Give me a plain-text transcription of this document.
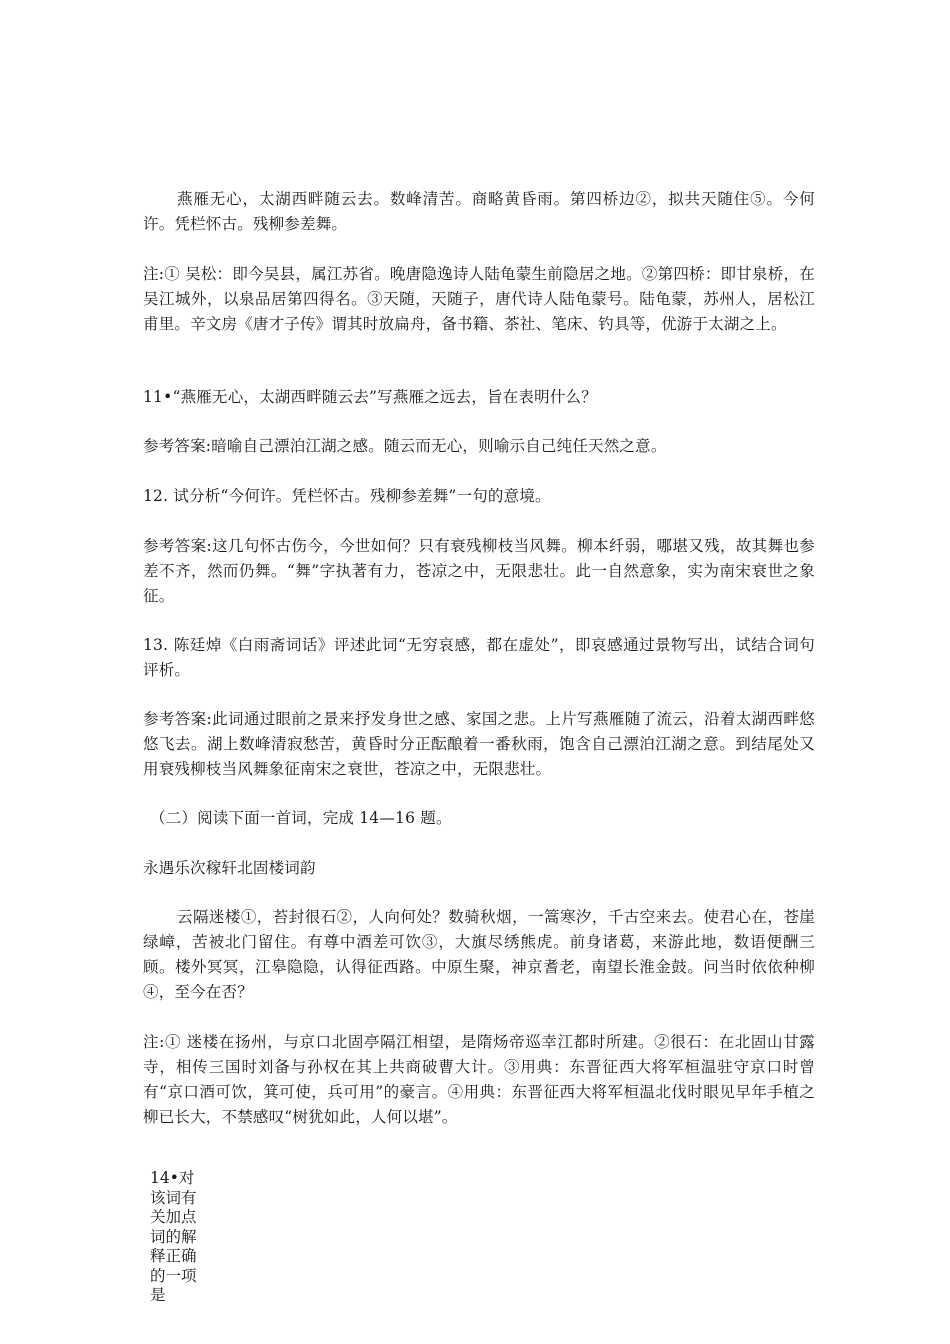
燕雁无心，太湖西畔随云去。数峰清苦。商略黄昏雨。第四桥边②，拟共天随住⑤。今何许。凭栏怀古。残柳参差舞。

注:① 吴松：即今吴县，属江苏省。晚唐隐逸诗人陆龟蒙生前隐居之地。②第四桥：即甘泉桥，在吴江城外，以泉品居第四得名。③天随，天随子，唐代诗人陆龟蒙号。陆龟蒙，苏州人，居松江甫里。辛文房《唐才子传》谓其时放扁舟，备书籍、茶社、笔床、钓具等，优游于太湖之上。

11•“燕雁无心，太湖西畔随云去”写燕雁之远去，旨在表明什么？

参考答案:暗喻自己漂泊江湖之感。随云而无心，则喻示自己纯任天然之意。

12. 试分析“今何许。凭栏怀古。残柳参差舞”一句的意境。

参考答案:这几句怀古伤今，今世如何？只有衰残柳枝当风舞。柳本纤弱，哪堪又残，故其舞也参差不齐，然而仍舞。“舞”字执著有力，苍凉之中，无限悲壮。此一自然意象，实为南宋衰世之象征。

13. 陈廷焯《白雨斋词话》评述此词“无穷哀感，都在虚处”，即哀感通过景物写出，试结合词句评析。

参考答案:此词通过眼前之景来抒发身世之感、家国之悲。上片写燕雁随了流云，沿着太湖西畔悠悠飞去。湖上数峰清寂愁苦，黄昏时分正酝酿着一番秋雨，饱含自己漂泊江湖之意。到结尾处又用衰残柳枝当风舞象征南宋之衰世，苍凉之中，无限悲壮。

（二）阅读下面一首词，完成 14—16 题。

永遇乐次稼轩北固楼词韵

云隔迷楼①，苔封很石②，人向何处？数骑秋烟，一篙寒汐，千古空来去。使君心在，苍崖绿嶂，苦被北门留住。有尊中酒差可饮③，大旗尽绣熊虎。前身诸葛，来游此地，数语便酬三顾。楼外冥冥，江皋隐隐，认得征西路。中原生聚，神京耆老，南望长淮金鼓。问当时依依种柳④，至今在否？

注:① 迷楼在扬州，与京口北固亭隔江相望，是隋炀帝巡幸江都时所建。②很石：在北固山甘露寺，相传三国时刘备与孙权在其上共商破曹大计。③用典：东晋征西大将军桓温驻守京口时曾有“京口酒可饮，箕可使，兵可用”的豪言。④用典：东晋征西大将军桓温北伐时眼见早年手植之柳已长大，不禁感叹“树犹如此，人何以堪”。

14•对该词有关加点词的解释正确的一项是
